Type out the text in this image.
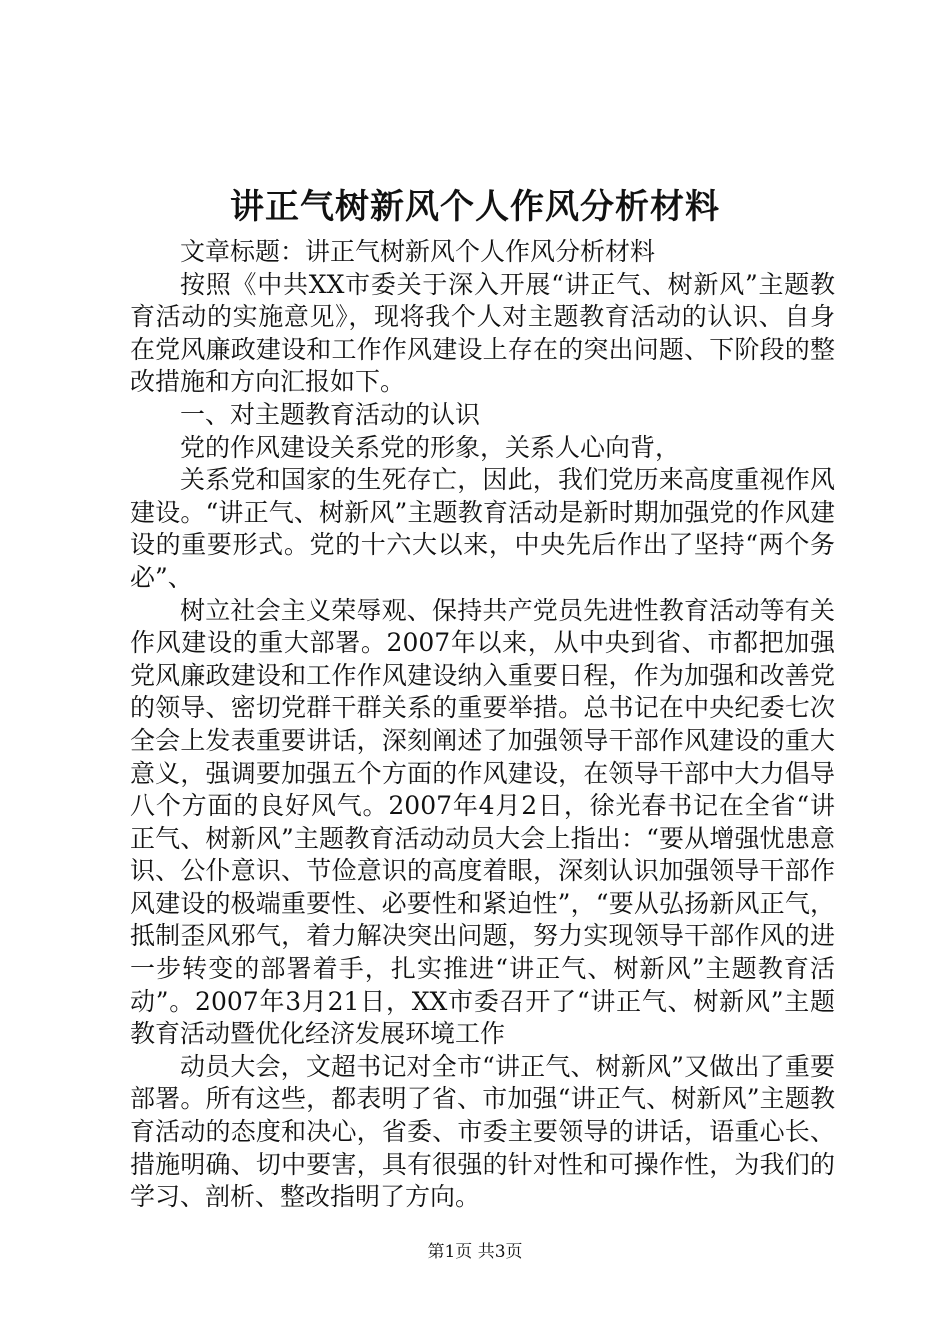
讲正气树新风个人作风分析材料

文章标题：讲正气树新风个人作风分析材料

按照《中共XX市委关于深入开展“讲正气、树新风”主题教育活动的实施意见》，现将我个人对主题教育活动的认识、自身在党风廉政建设和工作作风建设上存在的突出问题、下阶段的整改措施和方向汇报如下。

一、对主题教育活动的认识

党的作风建设关系党的形象，关系人心向背，

关系党和国家的生死存亡，因此，我们党历来高度重视作风建设。“讲正气、树新风”主题教育活动是新时期加强党的作风建设的重要形式。党的十六大以来，中央先后作出了坚持“两个务必”、

树立社会主义荣辱观、保持共产党员先进性教育活动等有关作风建设的重大部署。2007年以来，从中央到省、市都把加强党风廉政建设和工作作风建设纳入重要日程，作为加强和改善党的领导、密切党群干群关系的重要举措。总书记在中央纪委七次全会上发表重要讲话，深刻阐述了加强领导干部作风建设的重大意义，强调要加强五个方面的作风建设，在领导干部中大力倡导八个方面的良好风气。2007年4月2日，徐光春书记在全省“讲正气、树新风”主题教育活动动员大会上指出：“要从增强忧患意识、公仆意识、节俭意识的高度着眼，深刻认识加强领导干部作风建设的极端重要性、必要性和紧迫性”，“要从弘扬新风正气，抵制歪风邪气，着力解决突出问题，努力实现领导干部作风的进一步转变的部署着手，扎实推进“讲正气、树新风”主题教育活动”。2007年3月21日，XX市委召开了“讲正气、树新风”主题教育活动暨优化经济发展环境工作

动员大会，文超书记对全市“讲正气、树新风”又做出了重要部署。所有这些，都表明了省、市加强“讲正气、树新风”主题教育活动的态度和决心，省委、市委主要领导的讲话，语重心长、措施明确、切中要害，具有很强的针对性和可操作性，为我们的学习、剖析、整改指明了方向。

第1页 共3页
